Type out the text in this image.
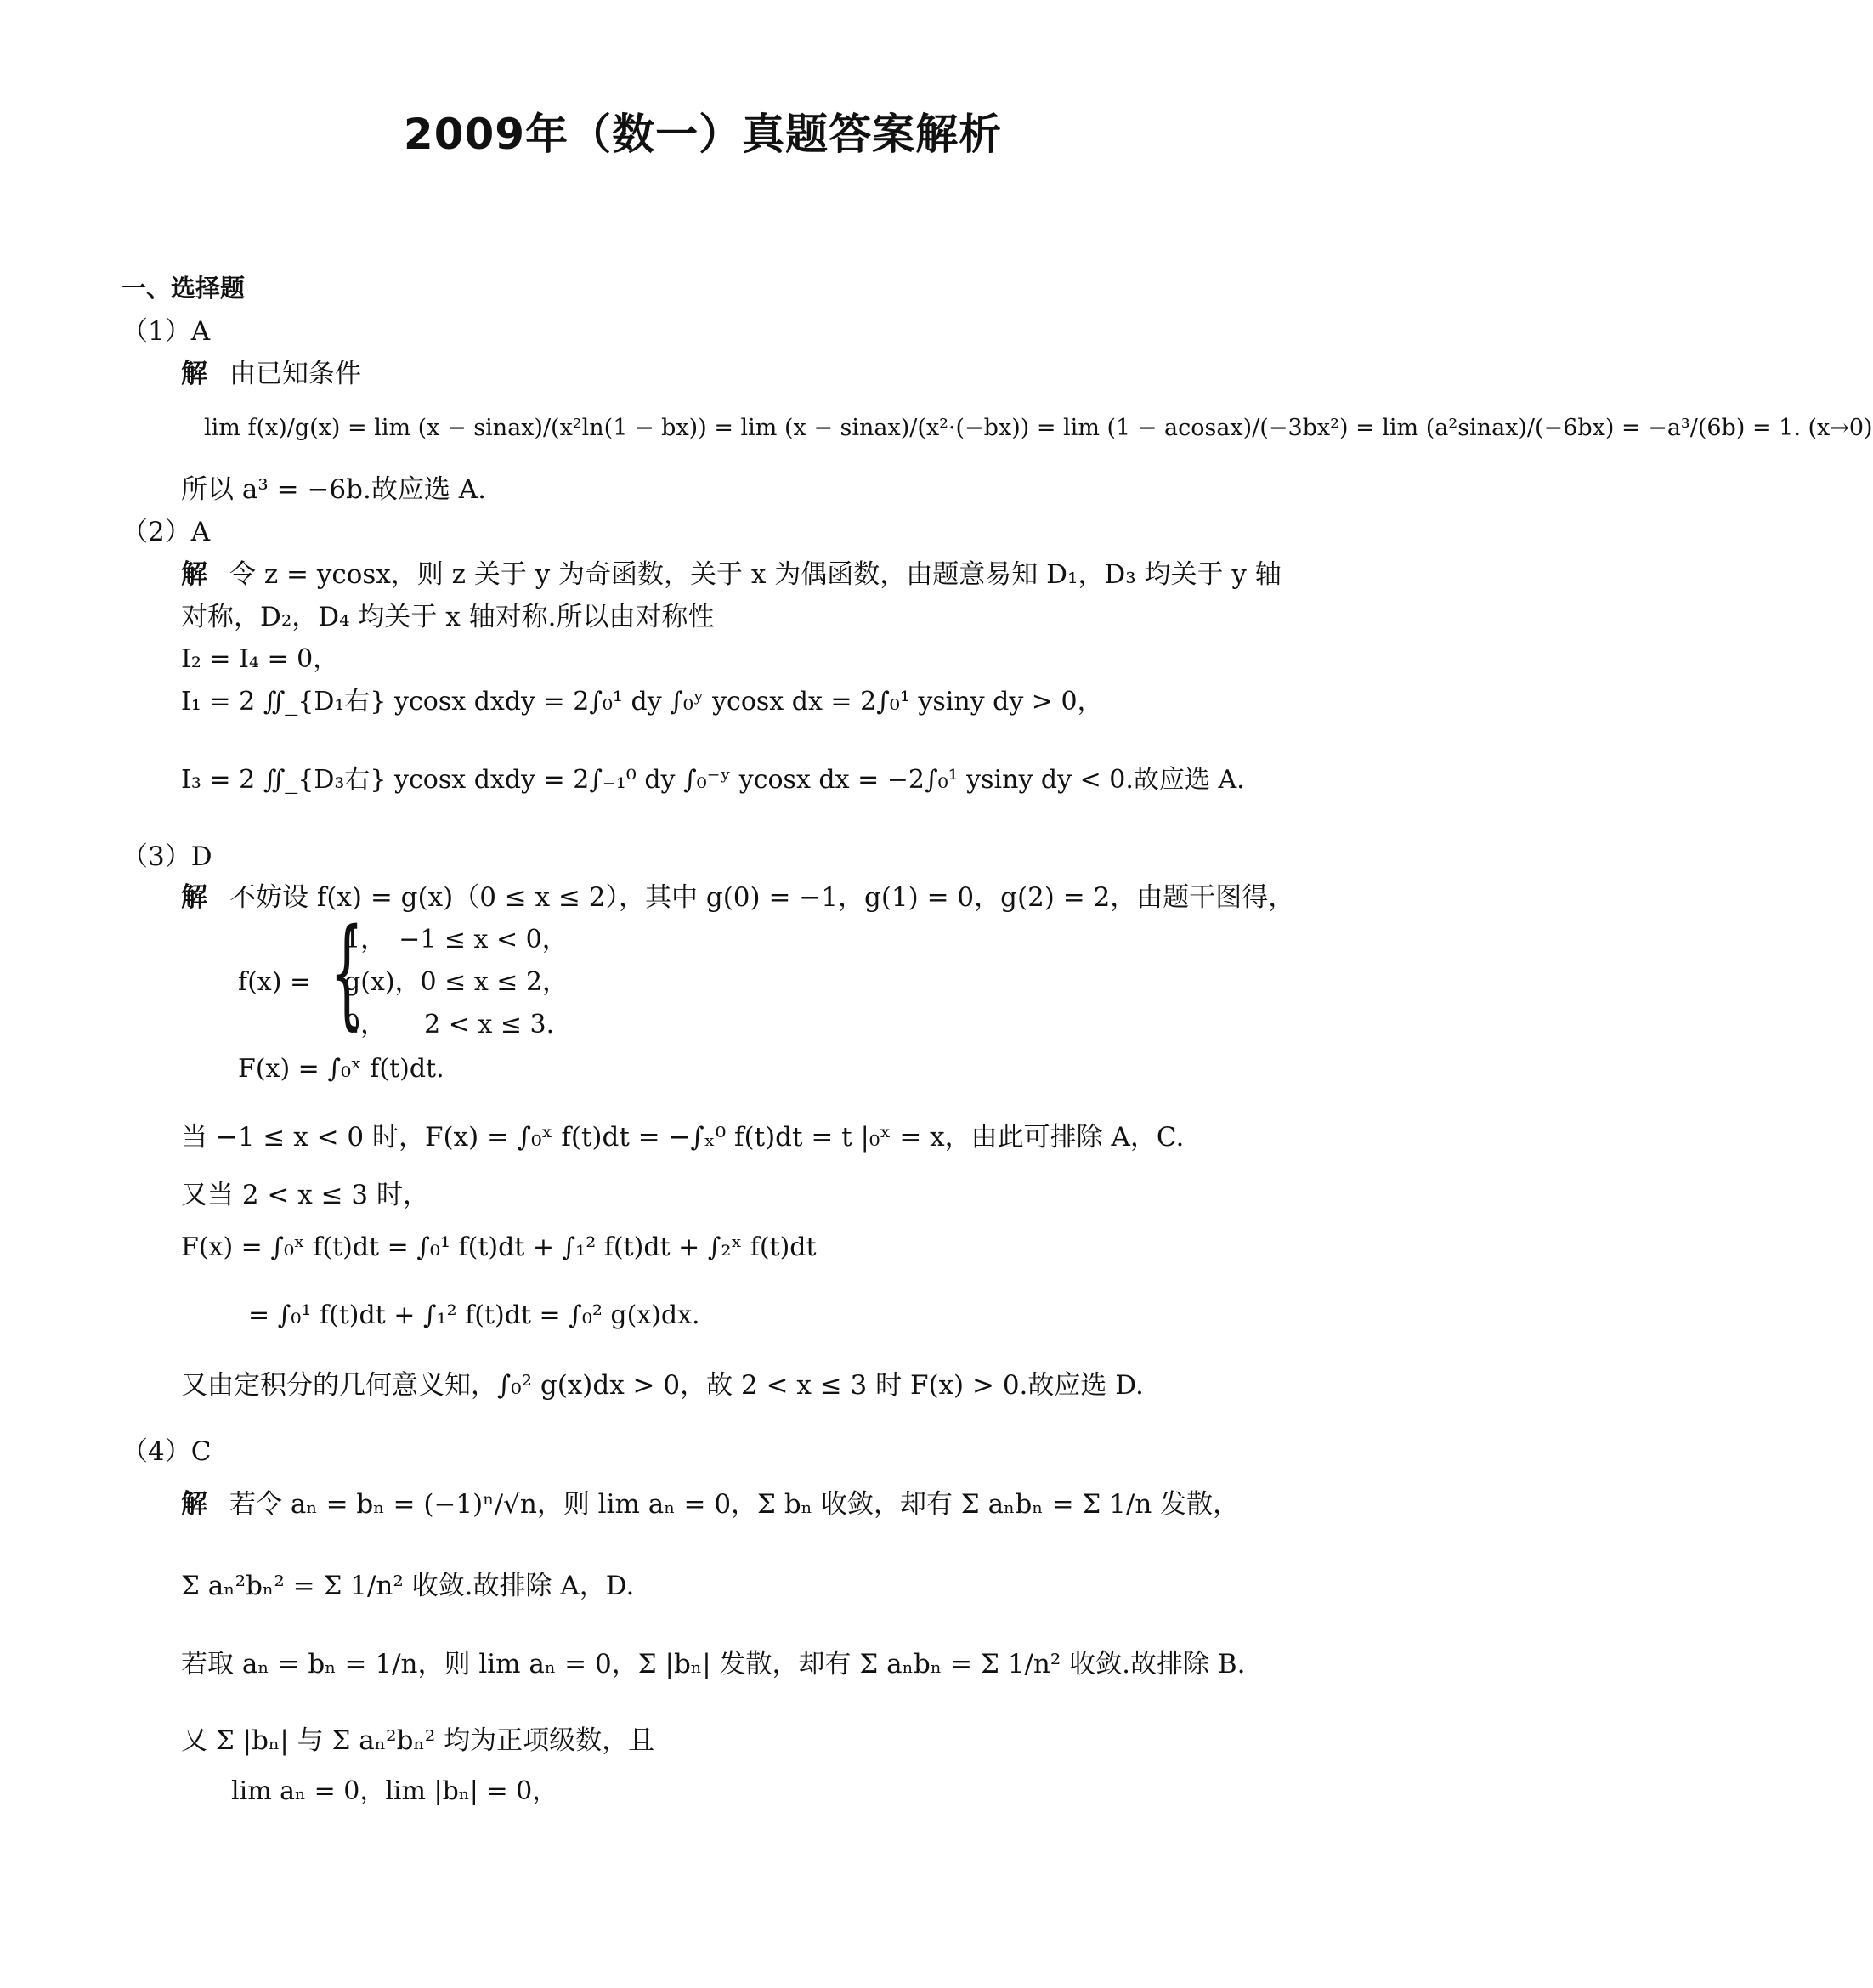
2009年（数一）真题答案解析
一、选择题
（1）A
解 由已知条件
lim f(x)/g(x) = lim (x − sinax)/(x²ln(1 − bx)) = lim (x − sinax)/(x²·(−bx)) = lim (1 − acosax)/(−3bx²) = lim (a²sinax)/(−6bx) = −a³/(6b) = 1. (x→0)
所以 a³ = −6b.故应选 A.
（2）A
解 令 z = ycosx，则 z 关于 y 为奇函数，关于 x 为偶函数，由题意易知 D₁，D₃ 均关于 y 轴
对称，D₂，D₄ 均关于 x 轴对称.所以由对称性
I₂ = I₄ = 0，
I₁ = 2 ∬_{D₁右} ycosx dxdy = 2∫₀¹ dy ∫₀ʸ ycosx dx = 2∫₀¹ ysiny dy > 0，
I₃ = 2 ∬_{D₃右} ycosx dxdy = 2∫₋₁⁰ dy ∫₀⁻ʸ ycosx dx = −2∫₀¹ ysiny dy < 0.故应选 A.
（3）D
解 不妨设 f(x) = g(x)（0 ≤ x ≤ 2），其中 g(0) = −1，g(1) = 0，g(2) = 2，由题干图得，
f(x) = {
1，　−1 ≤ x < 0，
g(x)，0 ≤ x ≤ 2，
0，　　2 < x ≤ 3.
F(x) = ∫₀ˣ f(t)dt.
当 −1 ≤ x < 0 时，F(x) = ∫₀ˣ f(t)dt = −∫ₓ⁰ f(t)dt = t |₀ˣ = x，由此可排除 A，C.
又当 2 < x ≤ 3 时，
F(x) = ∫₀ˣ f(t)dt = ∫₀¹ f(t)dt + ∫₁² f(t)dt + ∫₂ˣ f(t)dt
= ∫₀¹ f(t)dt + ∫₁² f(t)dt = ∫₀² g(x)dx.
又由定积分的几何意义知，∫₀² g(x)dx > 0，故 2 < x ≤ 3 时 F(x) > 0.故应选 D.
（4）C
解 若令 aₙ = bₙ = (−1)ⁿ/√n，则 lim aₙ = 0，Σ bₙ 收敛，却有 Σ aₙbₙ = Σ 1/n 发散，
Σ aₙ²bₙ² = Σ 1/n² 收敛.故排除 A，D.
若取 aₙ = bₙ = 1/n，则 lim aₙ = 0，Σ |bₙ| 发散，却有 Σ aₙbₙ = Σ 1/n² 收敛.故排除 B.
又 Σ |bₙ| 与 Σ aₙ²bₙ² 均为正项级数，且
lim aₙ = 0，lim |bₙ| = 0，
